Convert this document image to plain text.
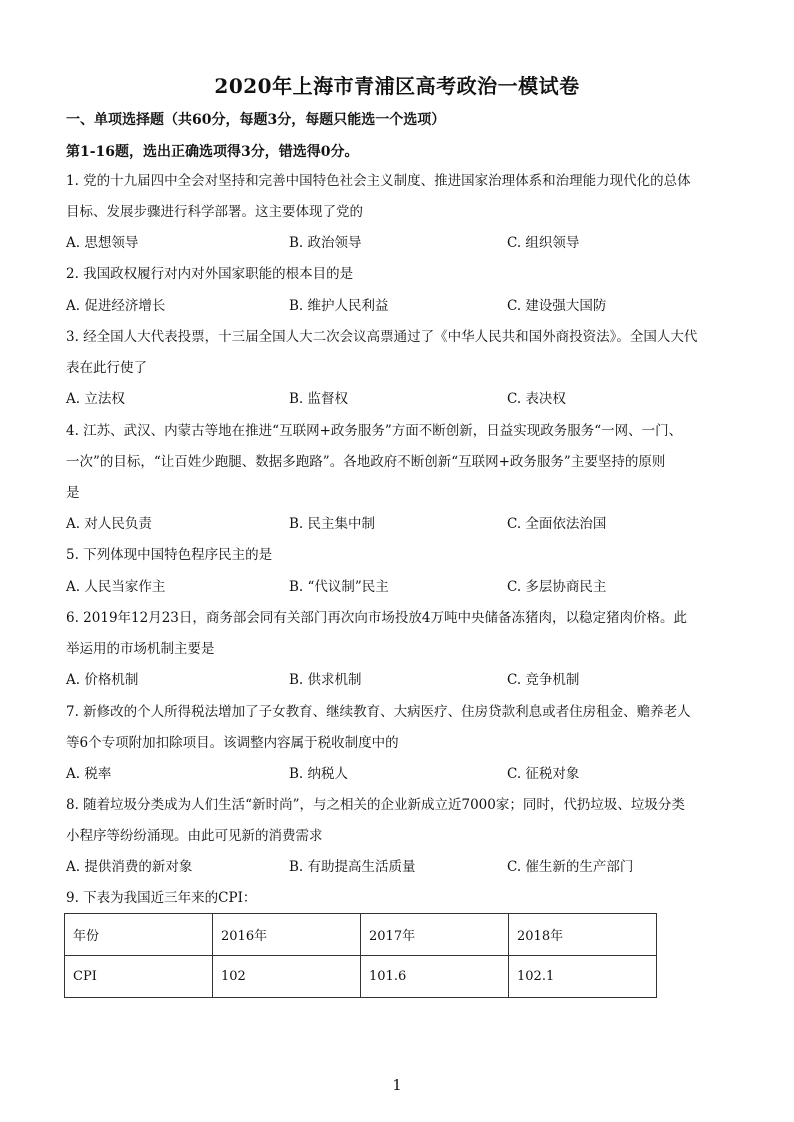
2020年上海市青浦区高考政治一模试卷
一、单项选择题（共60分，每题3分，每题只能选一个选项）
第1-16题，选出正确选项得3分，错选得0分。
1. 党的十九届四中全会对坚持和完善中国特色社会主义制度、推进国家治理体系和治理能力现代化的总体
目标、发展步骤进行科学部署。这主要体现了党的
A. 思想领导	B. 政治领导	C. 组织领导
2. 我国政权履行对内对外国家职能的根本目的是
A. 促进经济增长	B. 维护人民利益	C. 建设强大国防
3. 经全国人大代表投票，十三届全国人大二次会议高票通过了《中华人民共和国外商投资法》。全国人大代
表在此行使了
A. 立法权	B. 监督权	C. 表决权
4. 江苏、武汉、内蒙古等地在推进“互联网+政务服务”方面不断创新，日益实现政务服务“一网、一门、
一次”的目标，“让百姓少跑腿、数据多跑路”。各地政府不断创新“互联网+政务服务”主要坚持的原则
是
A. 对人民负责	B. 民主集中制	C. 全面依法治国
5. 下列体现中国特色程序民主的是
A. 人民当家作主	B. “代议制”民主	C. 多层协商民主
6. 2019年12月23日，商务部会同有关部门再次向市场投放4万吨中央储备冻猪肉，以稳定猪肉价格。此
举运用的市场机制主要是
A. 价格机制	B. 供求机制	C. 竞争机制
7. 新修改的个人所得税法增加了子女教育、继续教育、大病医疗、住房贷款利息或者住房租金、赡养老人
等6个专项附加扣除项目。该调整内容属于税收制度中的
A. 税率	B. 纳税人	C. 征税对象
8. 随着垃圾分类成为人们生活“新时尚”，与之相关的企业新成立近7000家；同时，代扔垃圾、垃圾分类
小程序等纷纷涌现。由此可见新的消费需求
A. 提供消费的新对象	B. 有助提高生活质量	C. 催生新的生产部门
9. 下表为我国近三年来的CPI：
年份	2016年	2017年	2018年
CPI	102	101.6	102.1
1
